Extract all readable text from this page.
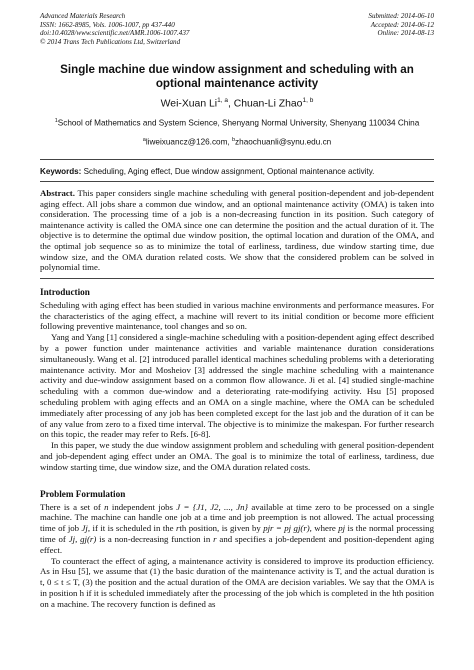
Advanced Materials Research
ISSN: 1662-8985, Vols. 1006-1007, pp 437-440
doi:10.4028/www.scientific.net/AMR.1006-1007.437
© 2014 Trans Tech Publications Ltd, Switzerland
Submitted: 2014-06-10
Accepted: 2014-06-12
Online: 2014-08-13
Single machine due window assignment and scheduling with an optional maintenance activity
Wei-Xuan Li$^{1, a}$, Chuan-Li Zhao$^{1, b}$
$^1$School of Mathematics and System Science, Shenyang Normal University, Shenyang 110034 China
$^a$liweixuancz@126.com, $^b$zhaochuanli@synu.edu.cn
Keywords: Scheduling, Aging effect, Due window assignment, Optional maintenance activity.
Abstract. This paper considers single machine scheduling with general position-dependent and job-dependent aging effect. All jobs share a common due window, and an optional maintenance activity (OMA) is taken into consideration. The processing time of a job is a non-decreasing function in its position. Such category of maintenance activity is called the OMA since one can determine the position and the actual duration of it. The objective is to determine the optimal due window position, the optimal location and duration of the OMA, and the optimal job sequence so as to minimize the total of earliness, tardiness, due window starting time, due window size, and the OMA duration related costs. We show that the considered problem can be solved in polynomial time.
Introduction

Scheduling with aging effect has been studied in various machine environments and performance measures. For the characteristics of the aging effect, a machine will revert to its initial condition or become more efficient following preventive maintenance, tool changes and so on.

Yang and Yang [1] considered a single-machine scheduling with a position-dependent aging effect described by a power function under maintenance activities and variable maintenance duration considerations simultaneously. Wang et al. [2] introduced parallel identical machines scheduling problems with a deteriorating maintenance activity. Mor and Mosheiov [3] addressed the single machine scheduling with a maintenance activity and due-window assignment based on a common flow allowance. Ji et al. [4] studied single-machine scheduling with a common due-window and a deteriorating rate-modifying activity. Hsu [5] proposed scheduling problem with aging effects and an OMA on a single machine, where the OMA can be scheduled immediately after processing of any job has been completed except for the last job and the duration of it can be of any value from zero to a fixed time interval. The objective is to minimize the makespan. For further research on this topic, the reader may refer to Refs. [6-8].

In this paper, we study the due window assignment problem and scheduling with general position-dependent and job-dependent aging effect under an OMA. The goal is to minimize the total of earliness, tardiness, due window starting time, due window size, and the OMA duration related costs.

Problem Formulation

There is a set of n independent jobs J = {J1, J2, ..., Jn} available at time zero to be processed on a single machine. The machine can handle one job at a time and job preemption is not allowed. The actual processing time of job Jj, if it is scheduled in the rth position, is given by pjr = pj gj(r), where pj is the normal processing time of Jj, gj(r) is a non-decreasing function in r and specifies a job-dependent and position-dependent aging effect.

To counteract the effect of aging, a maintenance activity is considered to improve its production efficiency. As in Hsu [5], we assume that (1) the basic duration of the maintenance activity is T, and the actual duration is t, 0 ≤ t ≤ T, (3) the position and the actual duration of the OMA are decision variables. We say that the OMA is in position h if it is scheduled immediately after the processing of the job which is completed in the hth position on a machine. The recovery function is defined as
